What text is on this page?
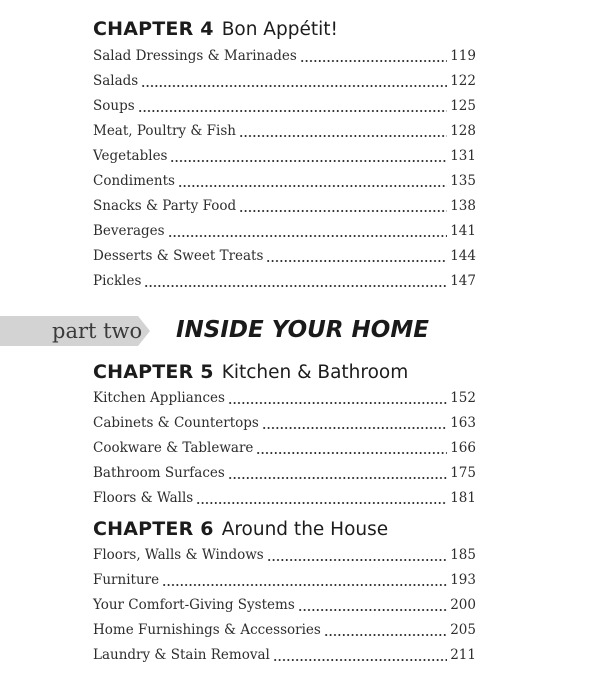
CHAPTER 4 Bon Appétit!
Salad Dressings & Marinades	119
Salads	122
Soups	125
Meat, Poultry & Fish	128
Vegetables	131
Condiments	135
Snacks & Party Food	138
Beverages	141
Desserts & Sweet Treats	144
Pickles	147
part two INSIDE YOUR HOME
CHAPTER 5 Kitchen & Bathroom
Kitchen Appliances	152
Cabinets & Countertops	163
Cookware & Tableware	166
Bathroom Surfaces	175
Floors & Walls	181
CHAPTER 6 Around the House
Floors, Walls & Windows	185
Furniture	193
Your Comfort-Giving Systems	200
Home Furnishings & Accessories	205
Laundry & Stain Removal	211
